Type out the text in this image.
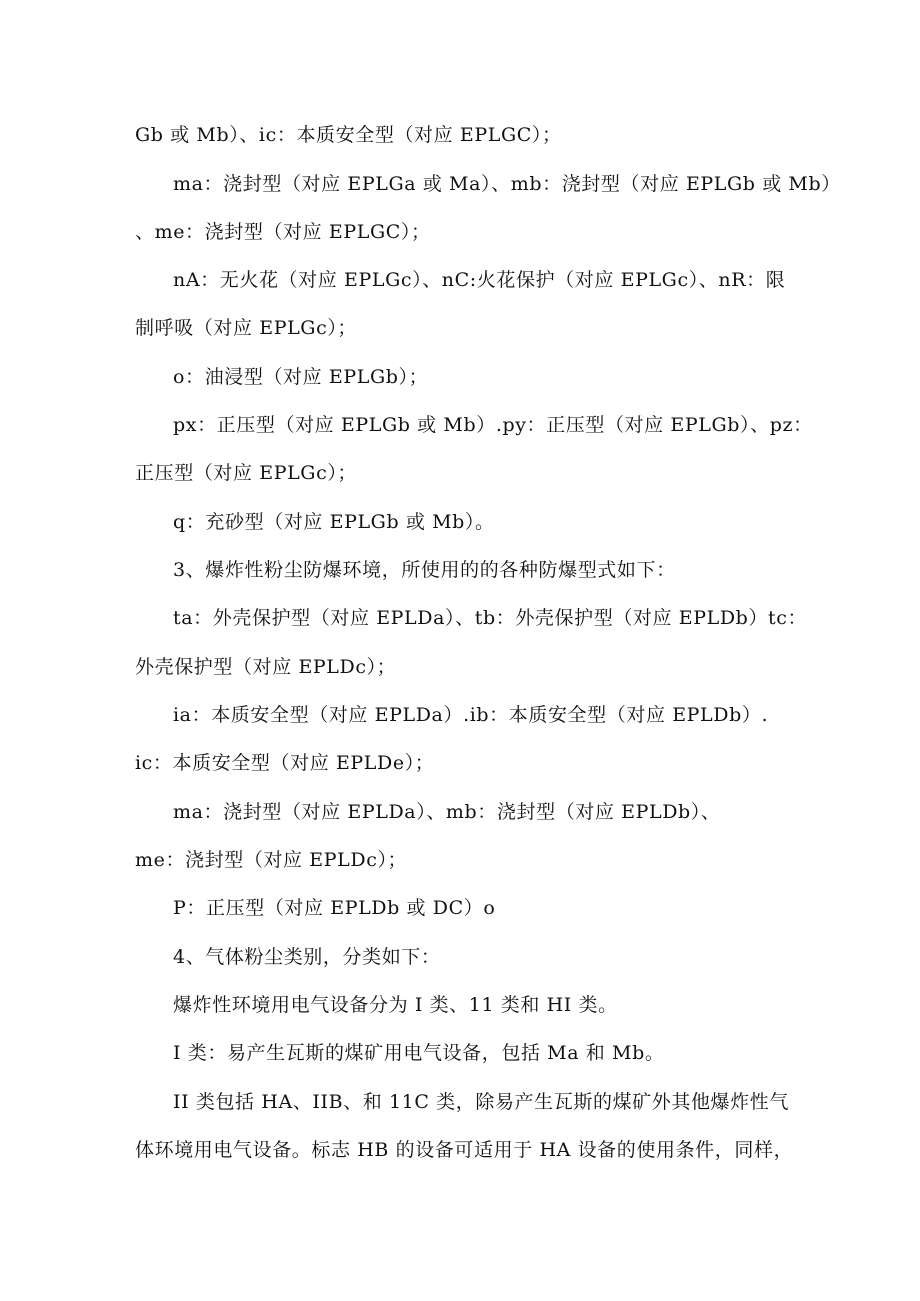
Gb 或 Mb）、ic：本质安全型（对应 EPLGC）；
ma：浇封型（对应 EPLGa 或 Ma）、mb：浇封型（对应 EPLGb 或 Mb）
、me：浇封型（对应 EPLGC）；
nA：无火花（对应 EPLGc）、nC:火花保护（对应 EPLGc）、nR：限
制呼吸（对应 EPLGc）；
o：油浸型（对应 EPLGb）；
px：正压型（对应 EPLGb 或 Mb）.py：正压型（对应 EPLGb）、pz：
正压型（对应 EPLGc）；
q：充砂型（对应 EPLGb 或 Mb）。
3、爆炸性粉尘防爆环境，所使用的的各种防爆型式如下：
ta：外壳保护型（对应 EPLDa）、tb：外壳保护型（对应 EPLDb）tc：
外壳保护型（对应 EPLDc）；
ia：本质安全型（对应 EPLDa）.ib：本质安全型（对应 EPLDb）.
ic：本质安全型（对应 EPLDe）；
ma：浇封型（对应 EPLDa）、mb：浇封型（对应 EPLDb）、
me：浇封型（对应 EPLDc）；
P：正压型（对应 EPLDb 或 DC）o
4、气体粉尘类别，分类如下：
爆炸性环境用电气设备分为 I 类、11 类和 HI 类。
I 类：易产生瓦斯的煤矿用电气设备，包括 Ma 和 Mb。
II 类包括 HA、IIB、和 11C 类，除易产生瓦斯的煤矿外其他爆炸性气
体环境用电气设备。标志 HB 的设备可适用于 HA 设备的使用条件，同样，
